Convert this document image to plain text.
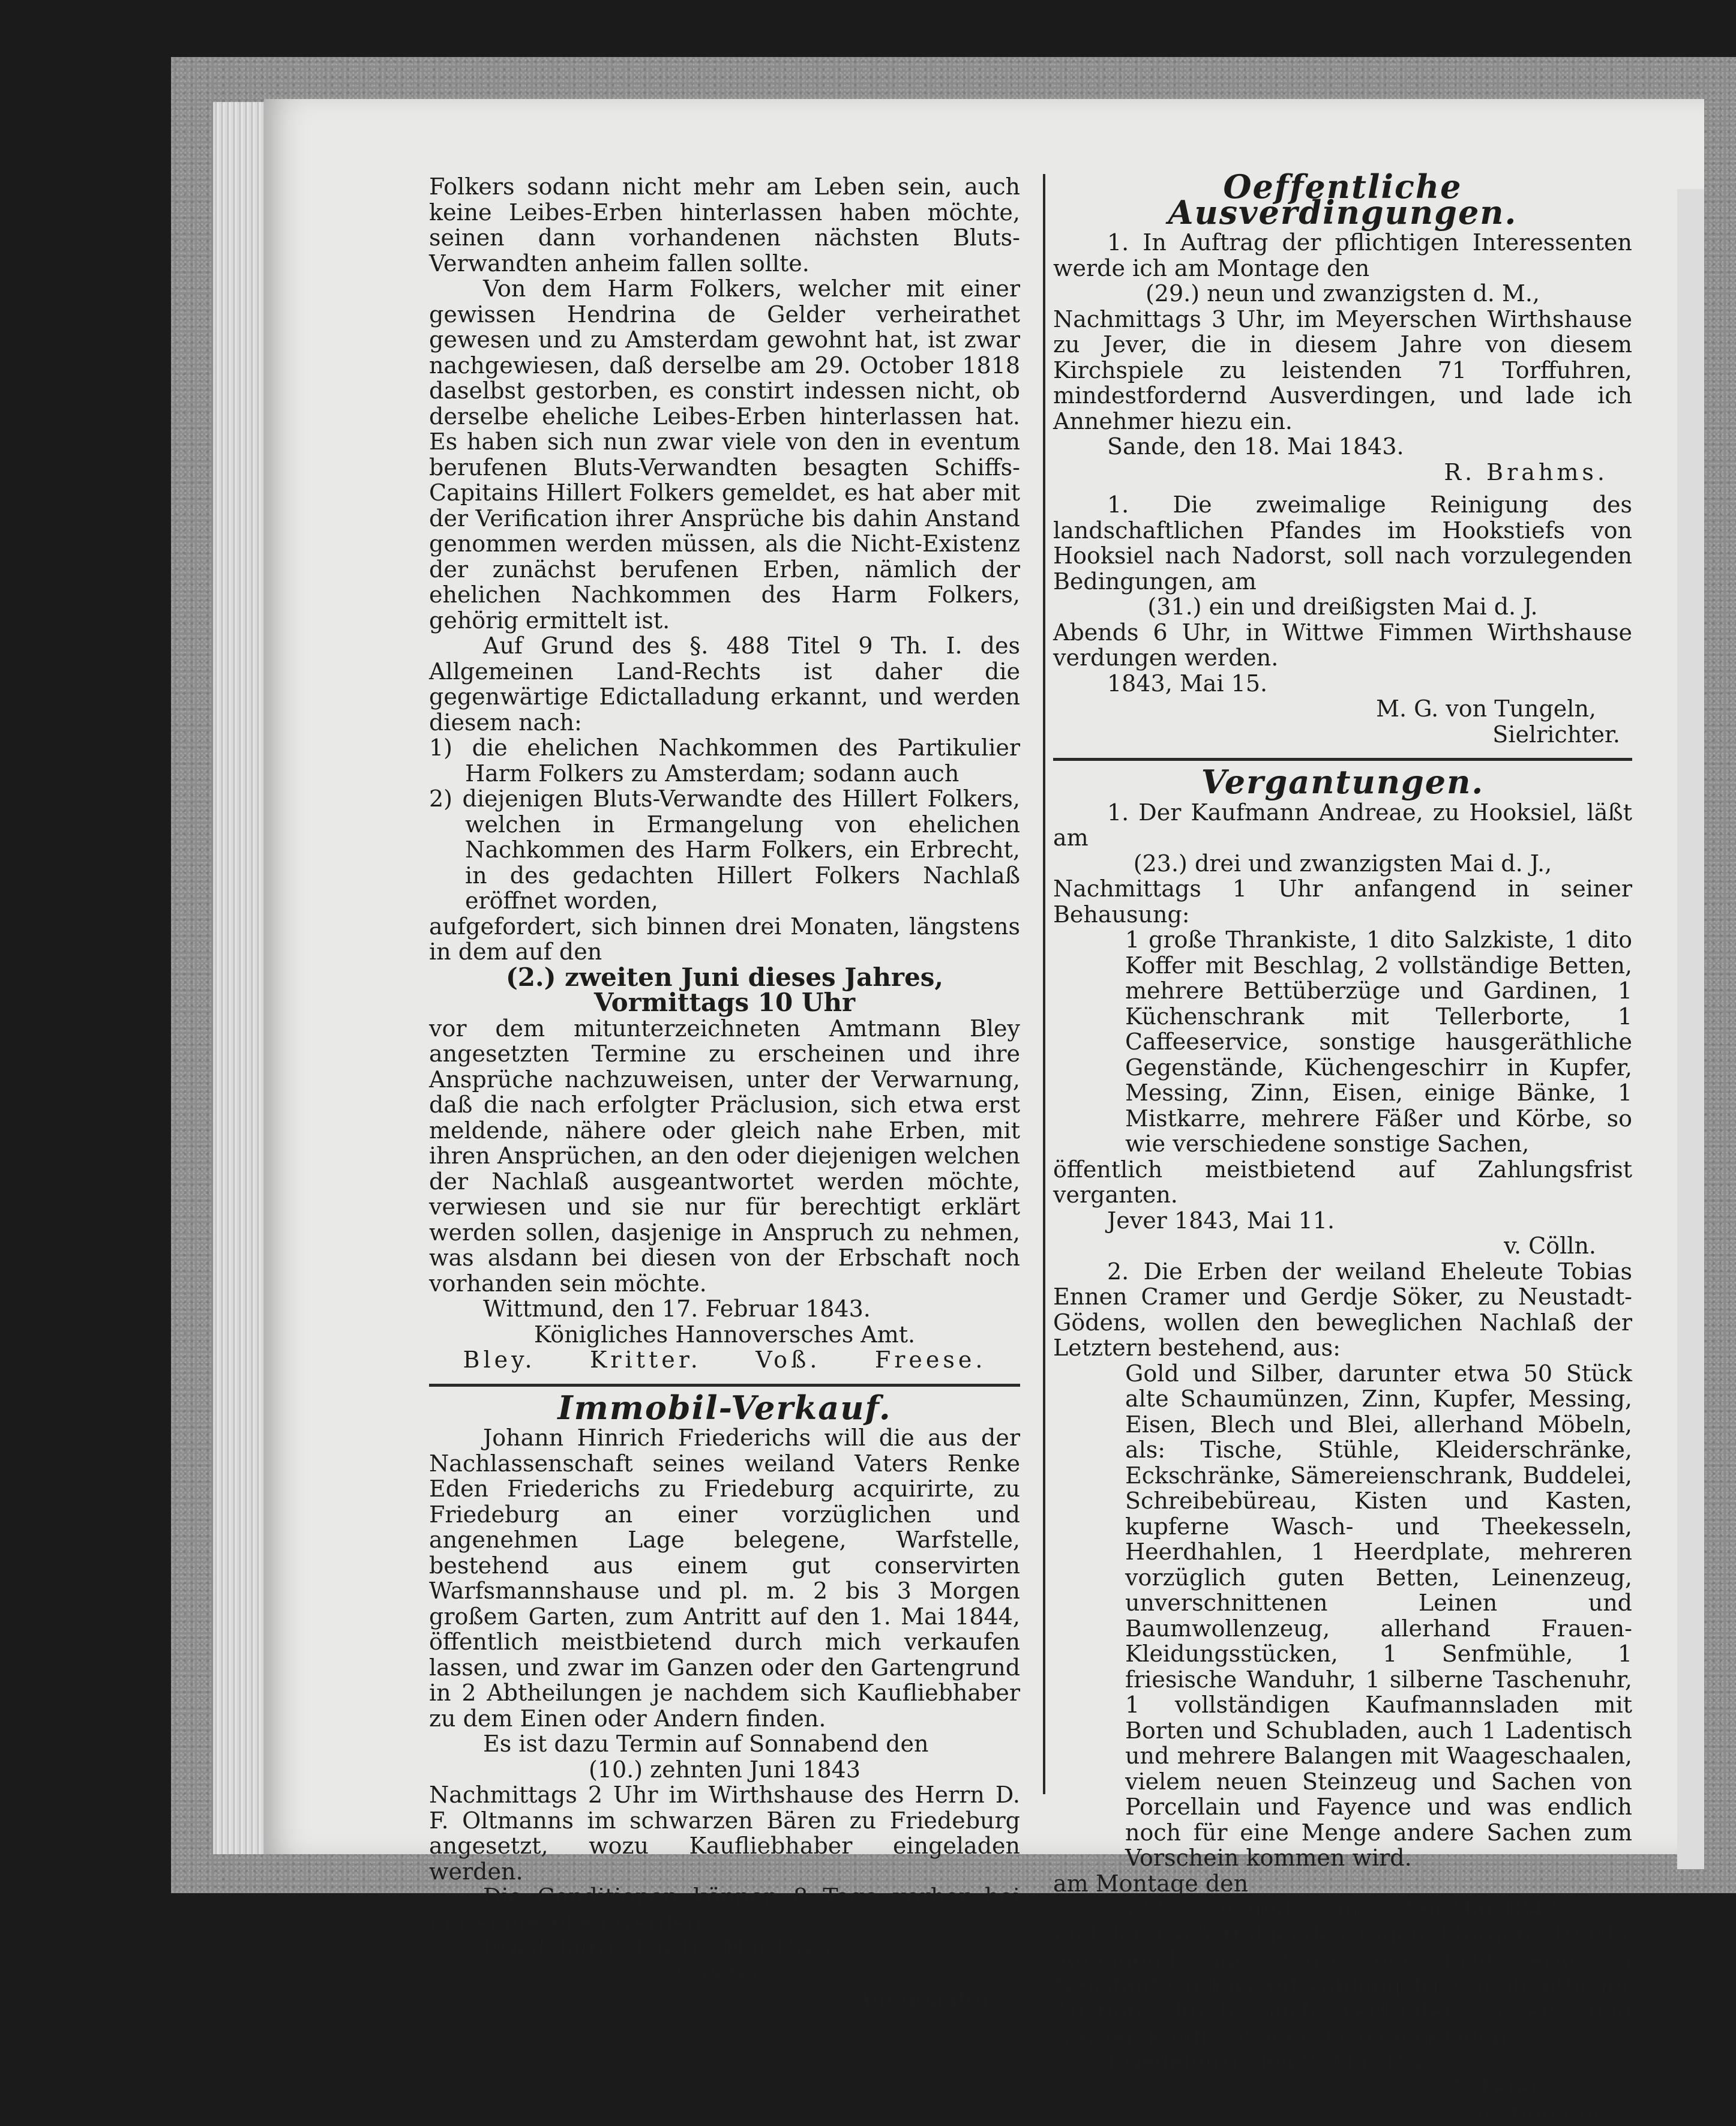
Folkers sodann nicht mehr am Leben sein, auch keine Leibes-Erben hinterlassen haben möchte, seinen dann vorhandenen nächsten Bluts-Verwandten anheim fallen sollte.

Von dem Harm Folkers, welcher mit einer gewissen Hendrina de Gelder verheirathet gewesen und zu Amsterdam gewohnt hat, ist zwar nachgewiesen, daß derselbe am 29. October 1818 daselbst gestorben, es constirt indessen nicht, ob derselbe eheliche Leibes-Erben hinterlassen hat. Es haben sich nun zwar viele von den in eventum berufenen Bluts-Verwandten besagten Schiffs-Capitains Hillert Folkers gemeldet, es hat aber mit der Verification ihrer Ansprüche bis dahin Anstand genommen werden müssen, als die Nicht-Existenz der zunächst berufenen Erben, nämlich der ehelichen Nachkommen des Harm Folkers, gehörig ermittelt ist.

Auf Grund des §. 488 Titel 9 Th. I. des Allgemeinen Land-Rechts ist daher die gegenwärtige Edictalladung erkannt, und werden diesem nach:

1) die ehelichen Nachkommen des Partikulier Harm Folkers zu Amsterdam; sodann auch

2) diejenigen Bluts-Verwandte des Hillert Folkers, welchen in Ermangelung von ehelichen Nachkommen des Harm Folkers, ein Erbrecht, in des gedachten Hillert Folkers Nachlaß eröffnet worden,

aufgefordert, sich binnen drei Monaten, längstens in dem auf den

(2.) zweiten Juni dieses Jahres,

Vormittags 10 Uhr

vor dem mitunterzeichneten Amtmann Bley angesetzten Termine zu erscheinen und ihre Ansprüche nachzuweisen, unter der Verwarnung, daß die nach erfolgter Präclusion, sich etwa erst meldende, nähere oder gleich nahe Erben, mit ihren Ansprüchen, an den oder diejenigen welchen der Nachlaß ausgeantwortet werden möchte, verwiesen und sie nur für berechtigt erklärt werden sollen, dasjenige in Anspruch zu nehmen, was alsdann bei diesen von der Erbschaft noch vorhanden sein möchte.

Wittmund, den 17. Februar 1843.

Königliches Hannoversches Amt.

Bley.     Kritter.     Voß.     Freese.

Immobil-Verkauf.

Johann Hinrich Friederichs will die aus der Nachlassenschaft seines weiland Vaters Renke Eden Friederichs zu Friedeburg acquirirte, zu Friedeburg an einer vorzüglichen und angenehmen Lage belegene, Warfstelle, bestehend aus einem gut conservirten Warfsmannshause und pl. m. 2 bis 3 Morgen großem Garten, zum Antritt auf den 1. Mai 1844, öffentlich meistbietend durch mich verkaufen lassen, und zwar im Ganzen oder den Gartengrund in 2 Abtheilungen je nachdem sich Kaufliebhaber zu dem Einen oder Andern finden.

Es ist dazu Termin auf Sonnabend den

(10.) zehnten Juni 1843

Nachmittags 2 Uhr im Wirthshause des Herrn D. F. Oltmanns im schwarzen Bären zu Friedeburg angesetzt, wozu Kaufliebhaber eingeladen werden.

Die Conditionen können 8 Tage vorher bei mir eingesehen werden.

Friedeburg, den 16. Mai 1843.

A. Peters,

Auctionator.

Oeffentliche Ausverdingungen.

1. In Auftrag der pflichtigen Interessenten werde ich am Montage den

(29.) neun und zwanzigsten d. M.,

Nachmittags 3 Uhr, im Meyerschen Wirthshause zu Jever, die in diesem Jahre von diesem Kirchspiele zu leistenden 71 Torffuhren, mindestfordernd Ausverdingen, und lade ich Annehmer hiezu ein.

Sande, den 18. Mai 1843.

R. Brahms.

1. Die zweimalige Reinigung des landschaftlichen Pfandes im Hookstiefs von Hooksiel nach Nadorst, soll nach vorzulegenden Bedingungen, am

(31.) ein und dreißigsten Mai d. J.

Abends 6 Uhr, in Wittwe Fimmen Wirthshause verdungen werden.

1843, Mai 15.

M. G. von Tungeln,

Sielrichter.

Vergantungen.

1. Der Kaufmann Andreae, zu Hooksiel, läßt am

(23.) drei und zwanzigsten Mai d. J.,

Nachmittags 1 Uhr anfangend in seiner Behausung:

1 große Thrankiste, 1 dito Salzkiste, 1 dito Koffer mit Beschlag, 2 vollständige Betten, mehrere Bettüberzüge und Gardinen, 1 Küchenschrank mit Tellerborte, 1 Caffeeservice, sonstige hausgeräthliche Gegenstände, Küchengeschirr in Kupfer, Messing, Zinn, Eisen, einige Bänke, 1 Mistkarre, mehrere Fäßer und Körbe, so wie verschiedene sonstige Sachen,

öffentlich meistbietend auf Zahlungsfrist verganten.

Jever 1843, Mai 11.

v. Cölln.

2. Die Erben der weiland Eheleute Tobias Ennen Cramer und Gerdje Söker, zu Neustadt-Gödens, wollen den beweglichen Nachlaß der Letztern bestehend, aus:

Gold und Silber, darunter etwa 50 Stück alte Schaumünzen, Zinn, Kupfer, Messing, Eisen, Blech und Blei, allerhand Möbeln, als: Tische, Stühle, Kleiderschränke, Eckschränke, Sämereienschrank, Buddelei, Schreibebüreau, Kisten und Kasten, kupferne Wasch- und Theekesseln, Heerdhahlen, 1 Heerdplate, mehreren vorzüglich guten Betten, Leinenzeug, unverschnittenen Leinen und Baumwollenzeug, allerhand Frauen-Kleidungsstücken, 1 Senfmühle, 1 friesische Wanduhr, 1 silberne Taschenuhr, 1 vollständigen Kaufmannsladen mit Borten und Schubladen, auch 1 Ladentisch und mehrere Balangen mit Waageschaalen, vielem neuen Steinzeug und Sachen von Porcellain und Fayence und was endlich noch für eine Menge andere Sachen zum Vorschein kommen wird.

am Montage den

(22.) zwei und zwanzigsten Mai 1843

und den nächstfolgenden Tagen, Morgens 10 Uhr anfangend, im Hause der Erblasserin zu Neustadt-Gödens auf Zahlungsfrist in öffentlicher Auction durch mich verkaufen lassen, und werden Kaufliebhaber dazu eingeladen.

Friedeburg, den 9. Mai 1843.

A. Peters,

Auctionator.
